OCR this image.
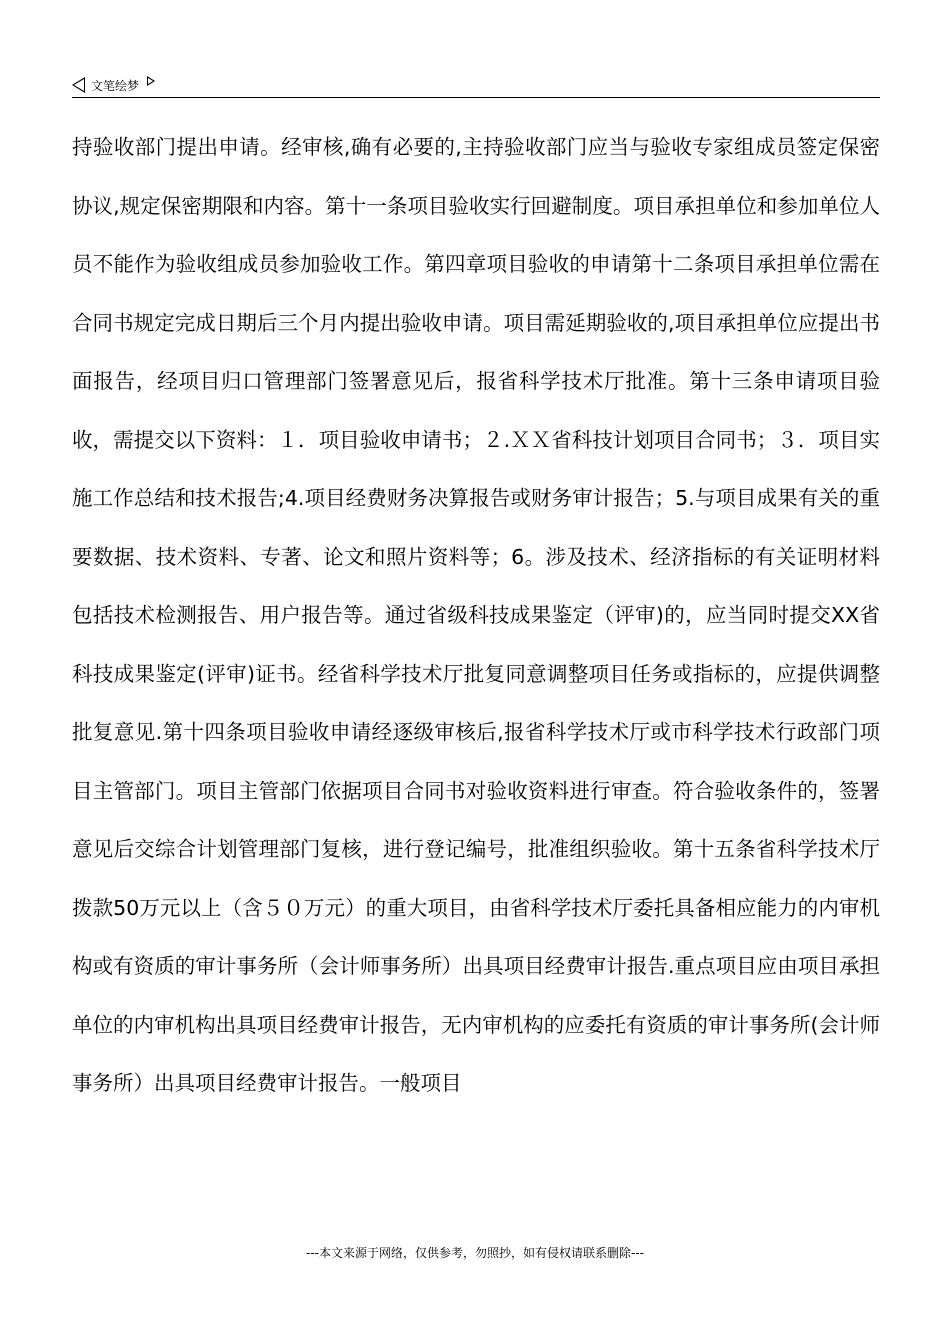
文笔绘梦

持验收部门提出申请。经审核,确有必要的,主持验收部门应当与验收专家组成员签定保密协议,规定保密期限和内容。第十一条项目验收实行回避制度。项目承担单位和参加单位人员不能作为验收组成员参加验收工作。第四章项目验收的申请第十二条项目承担单位需在合同书规定完成日期后三个月内提出验收申请。项目需延期验收的,项目承担单位应提出书面报告，经项目归口管理部门签署意见后，报省科学技术厅批准。第十三条申请项目验收，需提交以下资料：１．项目验收申请书；２.ＸＸ省科技计划项目合同书；３．项目实施工作总结和技术报告;4.项目经费财务决算报告或财务审计报告；5.与项目成果有关的重要数据、技术资料、专著、论文和照片资料等；6。涉及技术、经济指标的有关证明材料包括技术检测报告、用户报告等。通过省级科技成果鉴定（评审)的，应当同时提交XX省科技成果鉴定(评审)证书。经省科学技术厅批复同意调整项目任务或指标的，应提供调整批复意见.第十四条项目验收申请经逐级审核后,报省科学技术厅或市科学技术行政部门项目主管部门。项目主管部门依据项目合同书对验收资料进行审查。符合验收条件的，签署意见后交综合计划管理部门复核，进行登记编号，批准组织验收。第十五条省科学技术厅拨款50万元以上（含５０万元）的重大项目，由省科学技术厅委托具备相应能力的内审机构或有资质的审计事务所（会计师事务所）出具项目经费审计报告.重点项目应由项目承担单位的内审机构出具项目经费审计报告，无内审机构的应委托有资质的审计事务所(会计师事务所）出具项目经费审计报告。一般项目

---本文来源于网络，仅供参考，勿照抄，如有侵权请联系删除---
